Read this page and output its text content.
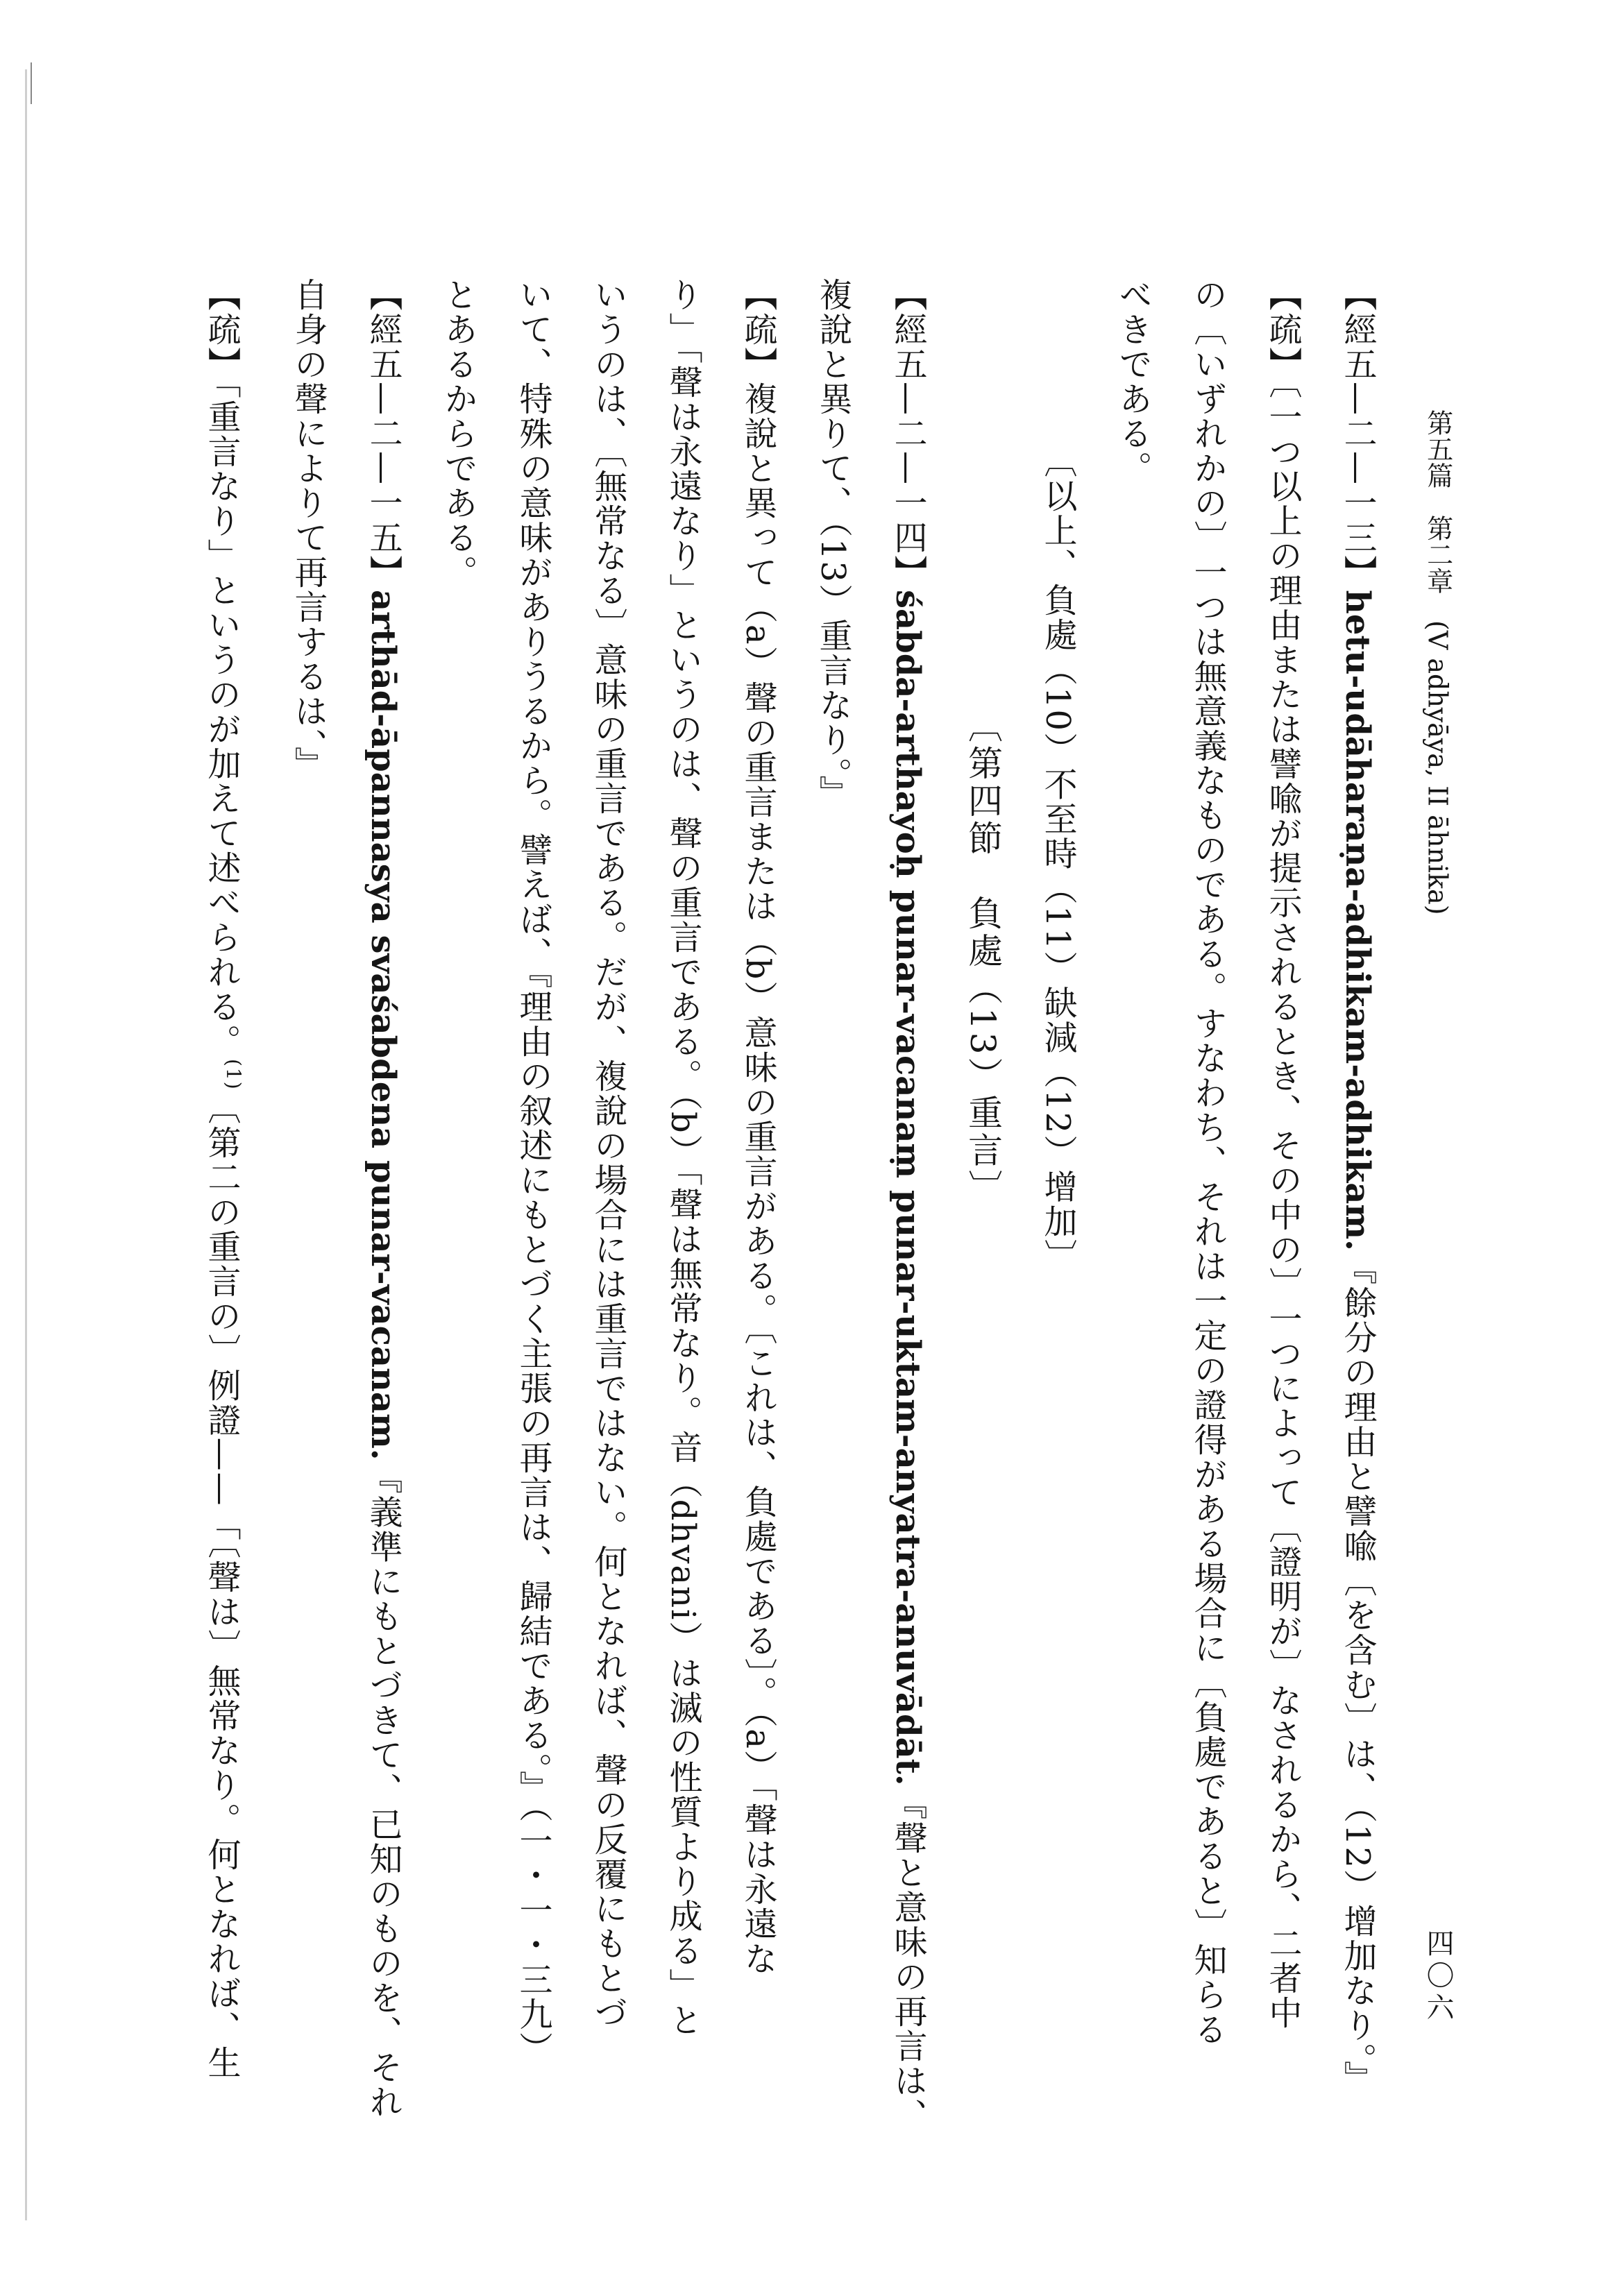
四〇六
第五篇　第二章　(V adhyāya, II āhnika)
【經五—二—一三】hetu-udāharaṇa-adhikam-adhikam.『餘分の理由と譬喩〔を含む〕は、（12）增加なり。』
【疏】〔一つ以上の理由または譬喩が提示されるとき、その中の〕一つによって〔證明が〕なされるから、二者中
の〔いずれかの〕一つは無意義なものである。すなわち、それは一定の證得がある場合に〔負處であると〕知らる
べきである。
〔以上、負處（10）不至時（11）缺減（12）增加〕
〔第四節　負處（13）重言〕
【經五—二—一四】śabda-arthayoḥ punar-vacanaṃ punar-uktam-anyatra-anuvādāt.『聲と意味の再言は、
複說と異りて、（13）重言なり。』
【疏】複說と異って（a）聲の重言または（b）意味の重言がある。〔これは、負處である〕。（a）「聲は永遠な
り」「聲は永遠なり」というのは、聲の重言である。（b）「聲は無常なり。音（dhvani）は滅の性質より成る」と
いうのは、〔無常なる〕意味の重言である。だが、複說の場合には重言ではない。何となれば、聲の反覆にもとづ
いて、特殊の意味がありうるから。譬えば、『理由の叙述にもとづく主張の再言は、歸結である。』（一・一・三九）
とあるからである。
【經五—二—一五】arthād-āpannasya svaśabdena punar-vacanam.『義準にもとづきて、已知のものを、それ
自身の聲によりて再言するは、』
【疏】「重言なり」というのが加えて述べられる。$^{(1)}$〔第二の重言の〕例證——「〔聲は〕無常なり。何となれば、生
